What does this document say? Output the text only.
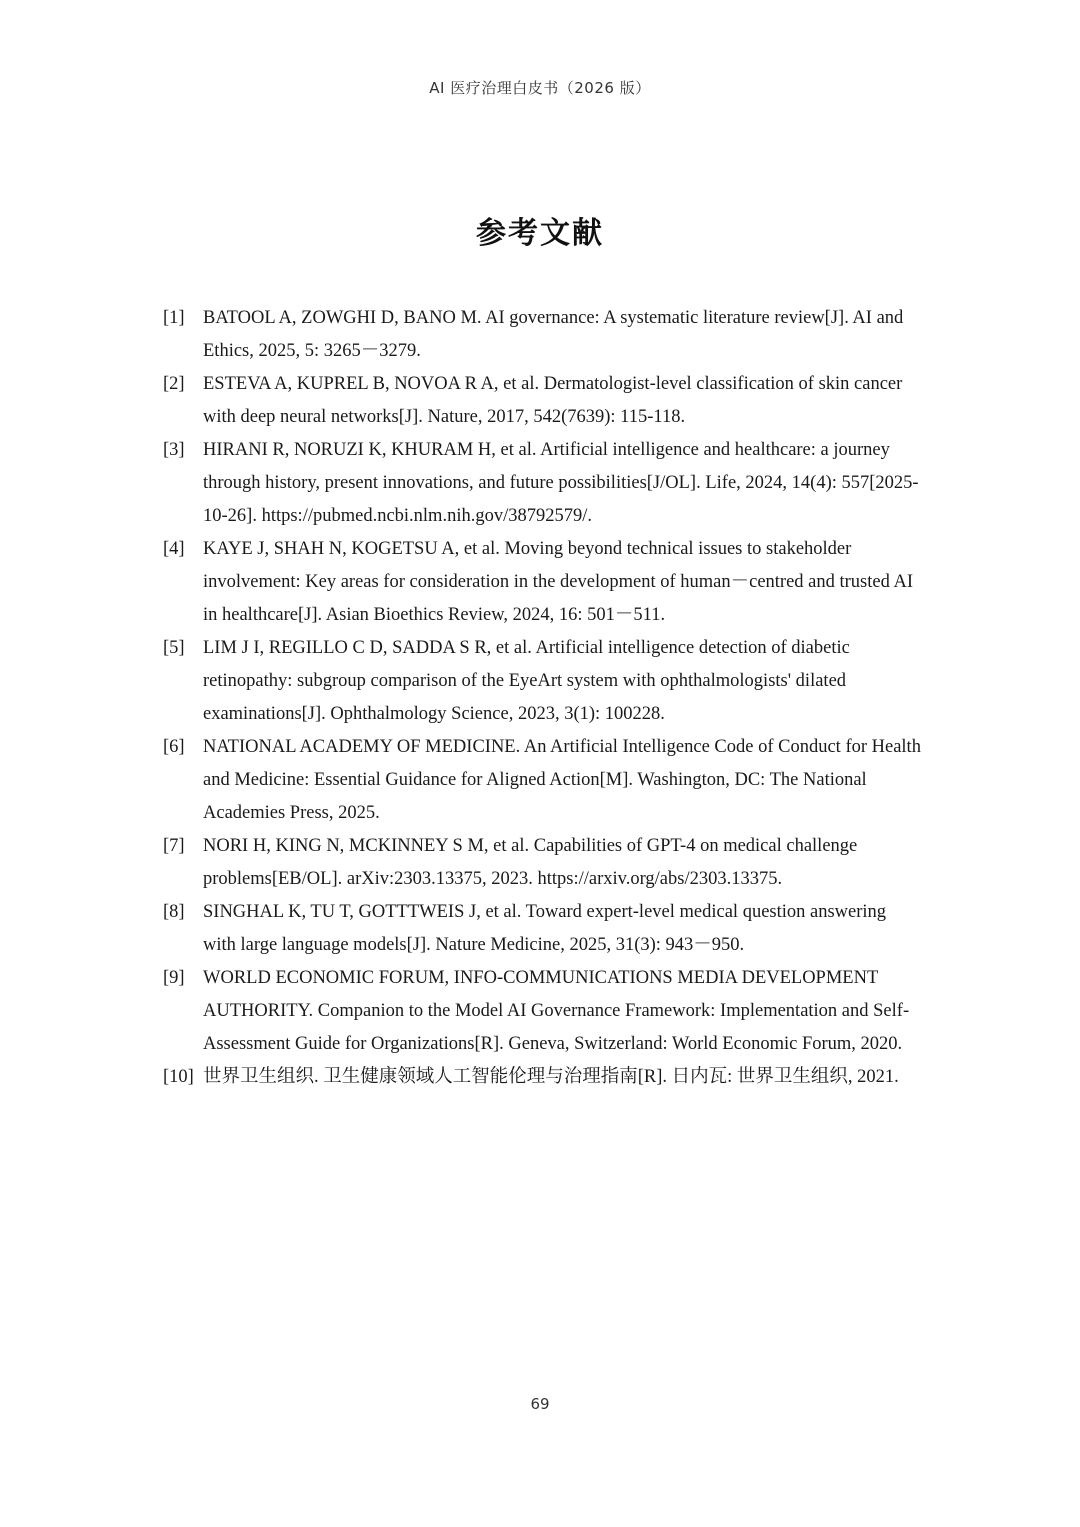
AI 医疗治理白皮书（2026 版）
参考文献
[1] BATOOL A, ZOWGHI D, BANO M. AI governance: A systematic literature review[J]. AI and Ethics, 2025, 5: 3265－3279.
[2] ESTEVA A, KUPREL B, NOVOA R A, et al. Dermatologist-level classification of skin cancer with deep neural networks[J]. Nature, 2017, 542(7639): 115-118.
[3] HIRANI R, NORUZI K, KHURAM H, et al. Artificial intelligence and healthcare: a journey through history, present innovations, and future possibilities[J/OL]. Life, 2024, 14(4): 557[2025-10-26]. https://pubmed.ncbi.nlm.nih.gov/38792579/.
[4] KAYE J, SHAH N, KOGETSU A, et al. Moving beyond technical issues to stakeholder involvement: Key areas for consideration in the development of human－centred and trusted AI in healthcare[J]. Asian Bioethics Review, 2024, 16: 501－511.
[5] LIM J I, REGILLO C D, SADDA S R, et al. Artificial intelligence detection of diabetic retinopathy: subgroup comparison of the EyeArt system with ophthalmologists' dilated examinations[J]. Ophthalmology Science, 2023, 3(1): 100228.
[6] NATIONAL ACADEMY OF MEDICINE. An Artificial Intelligence Code of Conduct for Health and Medicine: Essential Guidance for Aligned Action[M]. Washington, DC: The National Academies Press, 2025.
[7] NORI H, KING N, MCKINNEY S M, et al. Capabilities of GPT-4 on medical challenge problems[EB/OL]. arXiv:2303.13375, 2023. https://arxiv.org/abs/2303.13375.
[8] SINGHAL K, TU T, GOTTTWEIS J, et al. Toward expert-level medical question answering with large language models[J]. Nature Medicine, 2025, 31(3): 943－950.
[9] WORLD ECONOMIC FORUM, INFO-COMMUNICATIONS MEDIA DEVELOPMENT AUTHORITY. Companion to the Model AI Governance Framework: Implementation and Self-Assessment Guide for Organizations[R]. Geneva, Switzerland: World Economic Forum, 2020.
[10] 世界卫生组织. 卫生健康领域人工智能伦理与治理指南[R]. 日内瓦: 世界卫生组织, 2021.
69
